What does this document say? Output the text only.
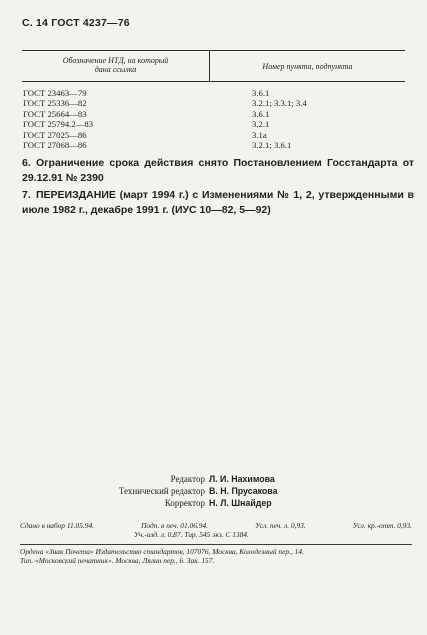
С. 14 ГОСТ 4237—76
Обозначение НТД, на который
дана ссылка	Номер пункта, подпункта
ГОСТ 23463—79	3.6.1
ГОСТ 25336—82	3.2.1; 3.3.1; 3.4
ГОСТ 25664—83	3.6.1
ГОСТ 25794.2—83	3.2.1
ГОСТ 27025—86	3.1а
ГОСТ 27068—86	3.2.1; 3.6.1
6. Ограничение срока действия снято Постановлением Госстандарта от 29.12.91 № 2390
7. ПЕРЕИЗДАНИЕ (март 1994 г.) с Изменениями № 1, 2, утвержденными в июле 1982 г., декабре 1991 г. (ИУС 10—82, 5—92)
Редактор Л. И. Нахимова
Технический редактор В. Н. Прусакова
Корректор Н. Л. Шнайдер
Сдано в набор 11.05.94.	Подп. в печ. 01.06.94.	Усл. печ. л. 0,93.	Усл. кр.-отт. 0,93.
Уч.-изд. л. 0,87. Тир. 545 экз. С 1384.
Ордена «Знак Почета» Издательство стандартов, 107076, Москва, Колодезный пер., 14.
Тип. «Московский печатник». Москва, Лялин пер., 6. Зак. 157.
